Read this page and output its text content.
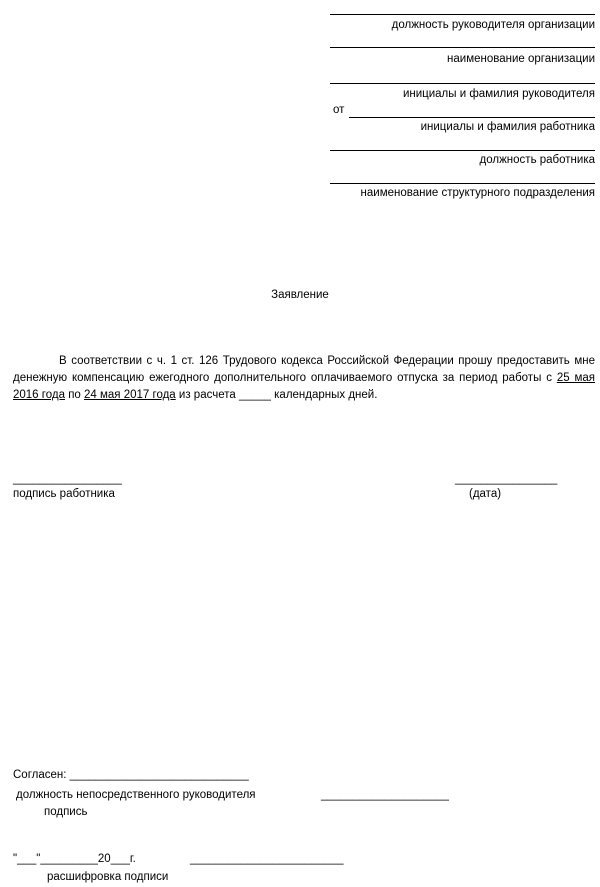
должность руководителя организации
наименование организации
инициалы и фамилия руководителя
от
инициалы и фамилия работника
должность работника
наименование структурного подразделения
Заявление
В соответствии с ч. 1 ст. 126 Трудового кодекса Российской Федерации прошу предоставить мне денежную компенсацию ежегодного дополнительного оплачиваемого отпуска за период работы с 25 мая 2016 года по 24 мая 2017 года из расчета _____ календарных дней.
_________________
подпись работника
________________
(дата)
Согласен: ____________________________
должность непосредственного руководителя	____________________
подпись
"___"_________20___г.	________________________
расшифровка подписи
